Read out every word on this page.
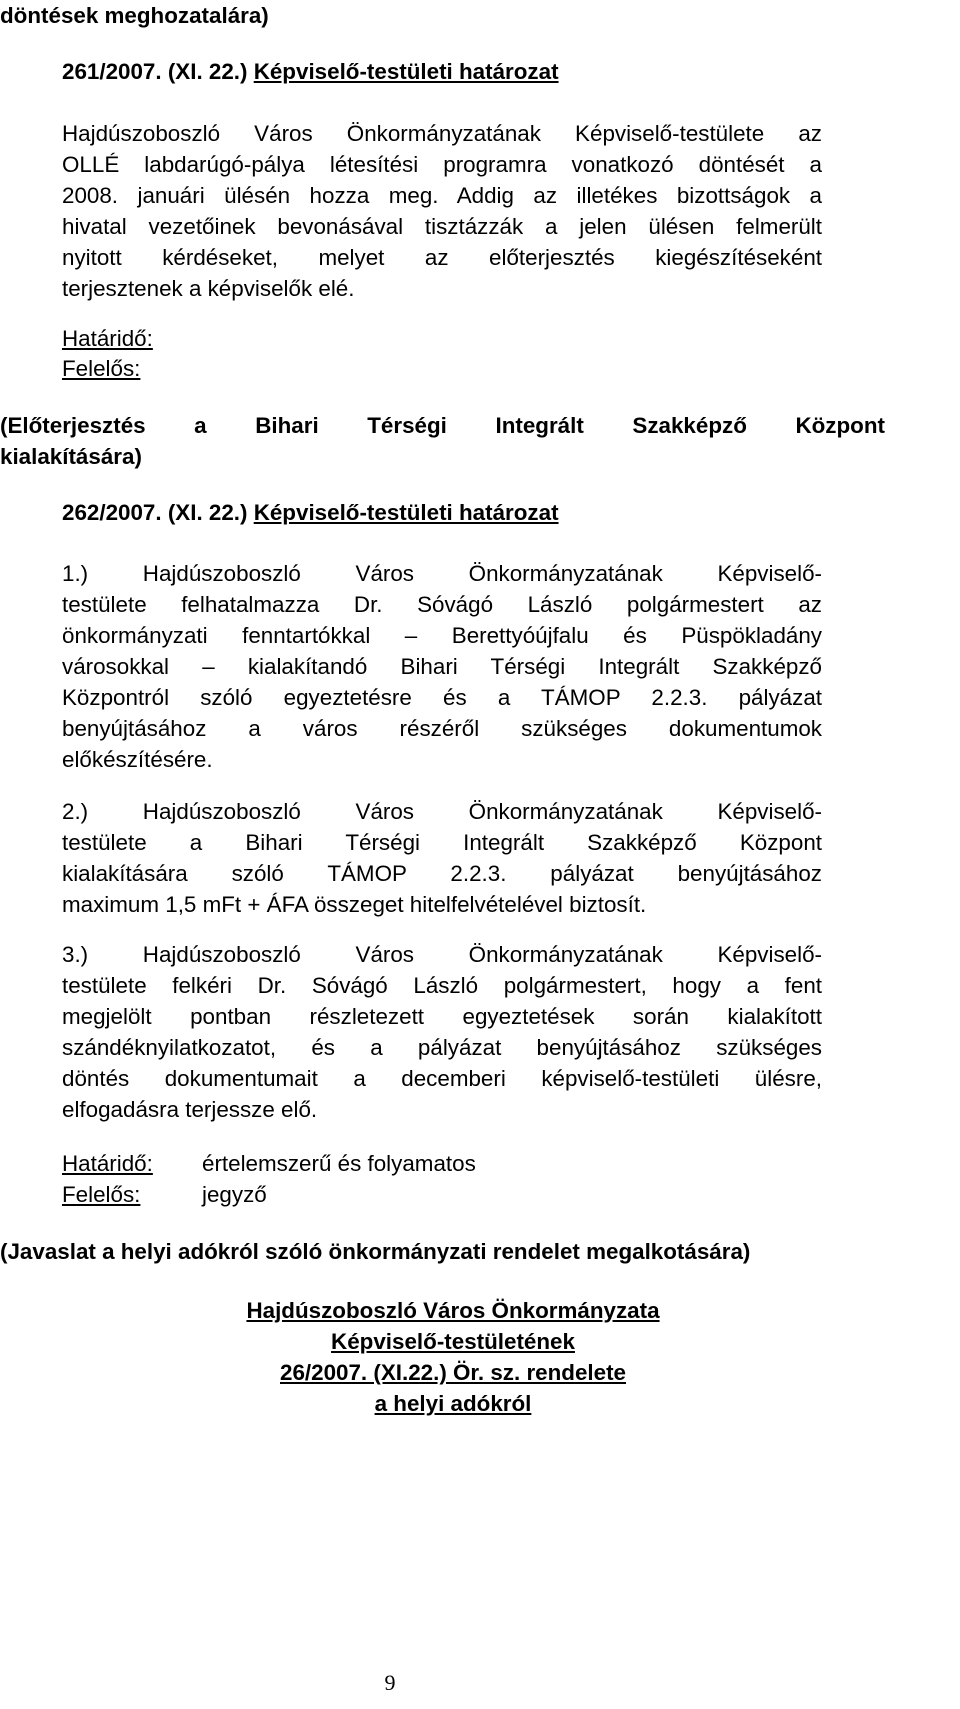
döntések meghozatalára)
261/2007. (XI. 22.) Képviselő-testületi határozat
Hajdúszoboszló Város Önkormányzatának Képviselő-testülete az
OLLÉ labdarúgó-pálya létesítési programra vonatkozó döntését a
2008. januári ülésén hozza meg. Addig az illetékes bizottságok a
hivatal vezetőinek bevonásával tisztázzák a jelen ülésen felmerült
nyitott kérdéseket, melyet az előterjesztés kiegészítéseként
terjesztenek a képviselők elé.
Határidő:
Felelős:
(Előterjesztés a Bihari Térségi Integrált Szakképző Központ
kialakítására)
262/2007. (XI. 22.) Képviselő-testületi határozat
1.) Hajdúszoboszló Város Önkormányzatának Képviselő-
testülete felhatalmazza Dr. Sóvágó László polgármestert az
önkormányzati fenntartókkal – Berettyóújfalu és Püspökladány
városokkal – kialakítandó Bihari Térségi Integrált Szakképző
Központról szóló egyeztetésre és a TÁMOP 2.2.3. pályázat
benyújtásához a város részéről szükséges dokumentumok
előkészítésére.
2.) Hajdúszoboszló Város Önkormányzatának Képviselő-
testülete a Bihari Térségi Integrált Szakképző Központ
kialakítására szóló TÁMOP 2.2.3. pályázat benyújtásához
maximum 1,5 mFt + ÁFA összeget hitelfelvételével biztosít.
3.) Hajdúszoboszló Város Önkormányzatának Képviselő-
testülete felkéri Dr. Sóvágó László polgármestert, hogy a fent
megjelölt pontban részletezett egyeztetések során kialakított
szándéknyilatkozatot, és a pályázat benyújtásához szükséges
döntés dokumentumait a decemberi képviselő-testületi ülésre,
elfogadásra terjessze elő.
Határidő: értelemszerű és folyamatos
Felelős:	jegyző
(Javaslat a helyi adókról szóló önkormányzati rendelet megalkotására)
Hajdúszoboszló Város Önkormányzata
Képviselő-testületének
26/2007. (XI.22.) Ör. sz. rendelete
a helyi adókról
9
